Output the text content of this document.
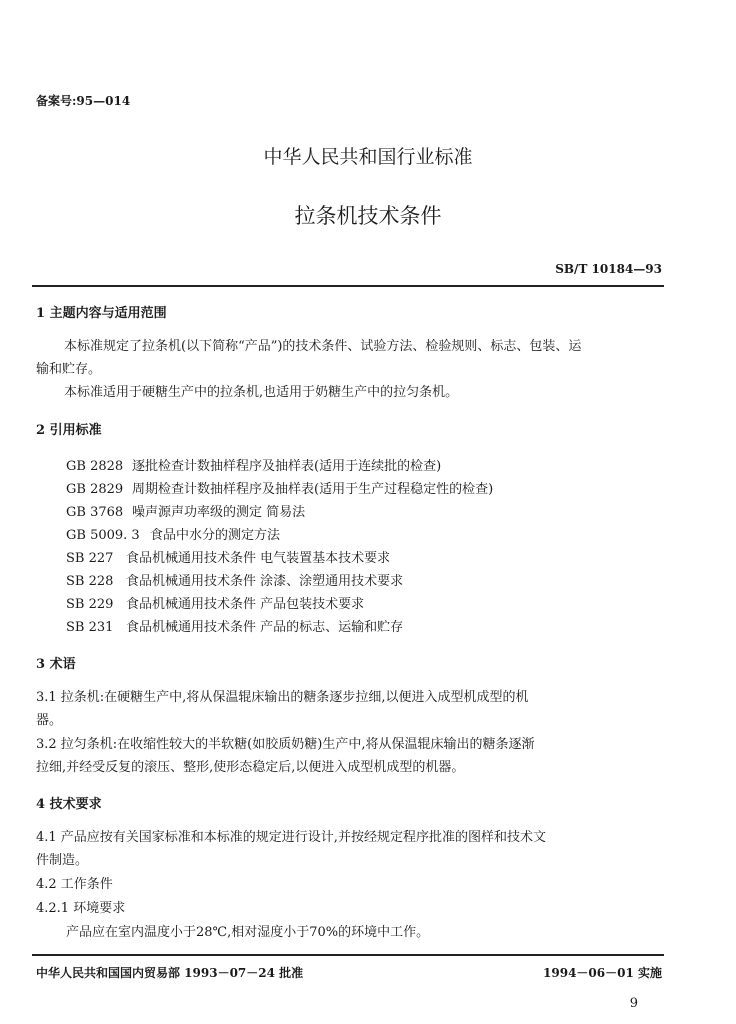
备案号:95—014
中华人民共和国行业标准
拉条机技术条件
SB/T 10184—93
1 主题内容与适用范围
本标准规定了拉条机(以下简称“产品”)的技术条件、试验方法、检验规则、标志、包装、运
输和贮存。
本标准适用于硬糖生产中的拉条机,也适用于奶糖生产中的拉匀条机。
2 引用标准
GB 2828 逐批检查计数抽样程序及抽样表(适用于连续批的检查)
GB 2829 周期检查计数抽样程序及抽样表(适用于生产过程稳定性的检查)
GB 3768 噪声源声功率级的测定 简易法
GB 5009. 3 食品中水分的测定方法
SB 227 食品机械通用技术条件 电气装置基本技术要求
SB 228 食品机械通用技术条件 涂漆、涂塑通用技术要求
SB 229 食品机械通用技术条件 产品包装技术要求
SB 231 食品机械通用技术条件 产品的标志、运输和贮存
3 术语
3.1 拉条机:在硬糖生产中,将从保温辊床输出的糖条逐步拉细,以便进入成型机成型的机
器。
3.2 拉匀条机:在收缩性较大的半软糖(如胶质奶糖)生产中,将从保温辊床输出的糖条逐渐
拉细,并经受反复的滚压、整形,使形态稳定后,以便进入成型机成型的机器。
4 技术要求
4.1 产品应按有关国家标准和本标准的规定进行设计,并按经规定程序批准的图样和技术文
件制造。
4.2 工作条件
4.2.1 环境要求
产品应在室内温度小于28℃,相对湿度小于70%的环境中工作。
中华人民共和国国内贸易部 1993－07－24 批准	1994－06－01 实施
9
